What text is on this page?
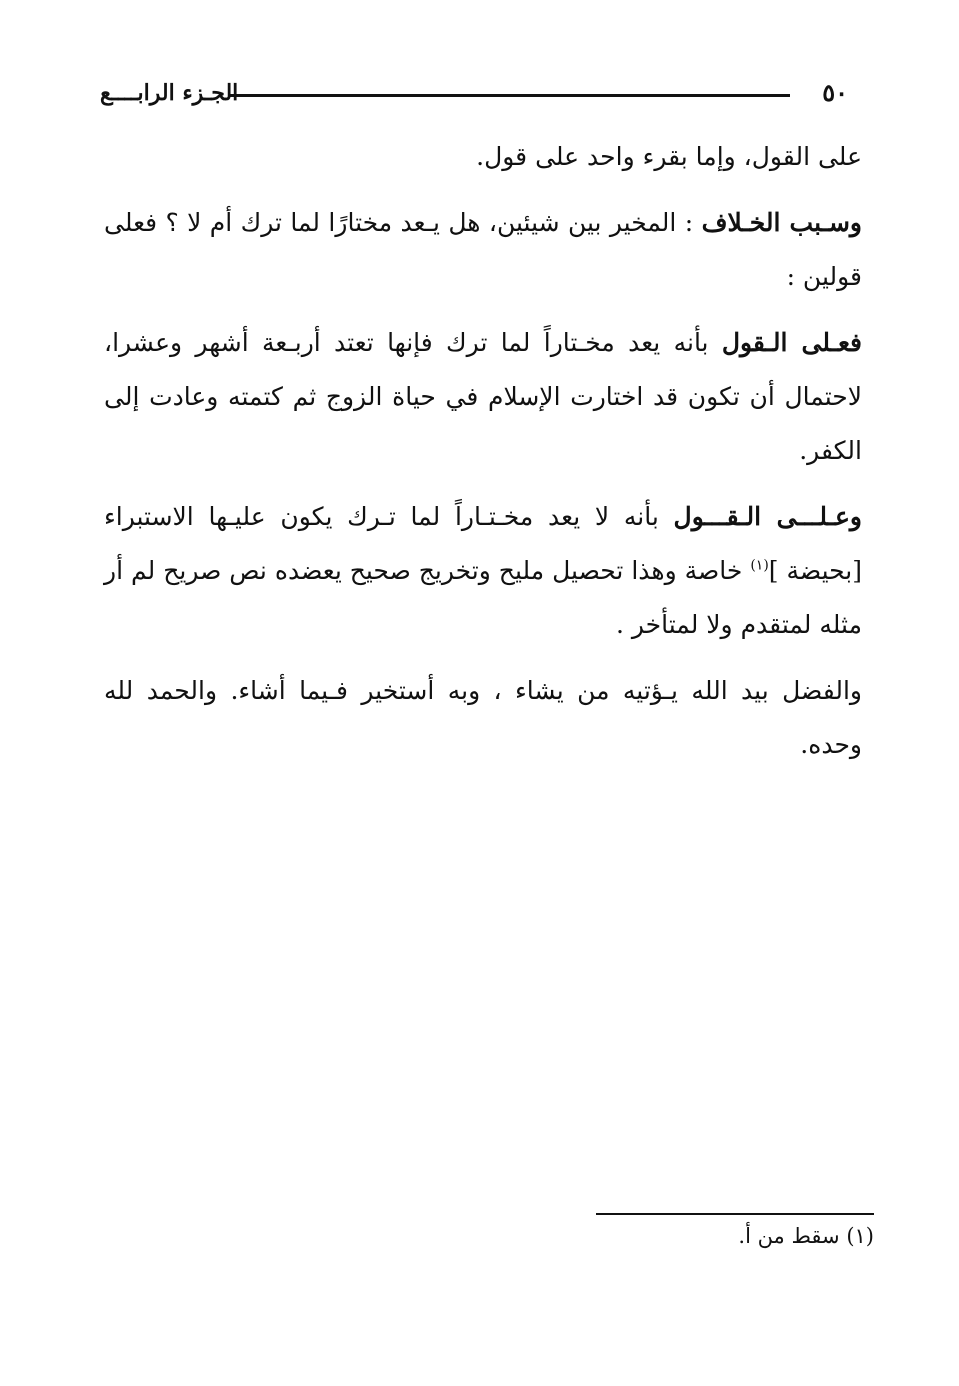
٥٠
الجـزء الرابــــع

على القول، وإما بقرء واحد على قول.

وسـبب الخـلاف : المخير بين شيئين، هل يـعد مختارًا لما ترك أم لا ؟ فعلى قولين :

فعـلى الـقول بأنه يعد مخـتاراً لما ترك فإنها تعتد أربـعة أشهر وعشرا، لاحتمال أن تكون قد اختارت الإسلام في حياة الزوج ثم كتمته وعادت إلى الكفر.

وعـلـــى الـقـــول بأنه لا يعد مخـتـاراً لما تـرك يكون عليـها الاستبراء [بحيضة ]$^{(١)}$ خاصة وهذا تحصيل مليح وتخريج صحيح يعضده نص صريح لم أر مثله لمتقدم ولا لمتأخر .

والفضل بيد الله يـؤتيه من يشاء ، وبه أستخير فـيما أشاء. والحمد لله وحده.

(١) سقط من أ.
